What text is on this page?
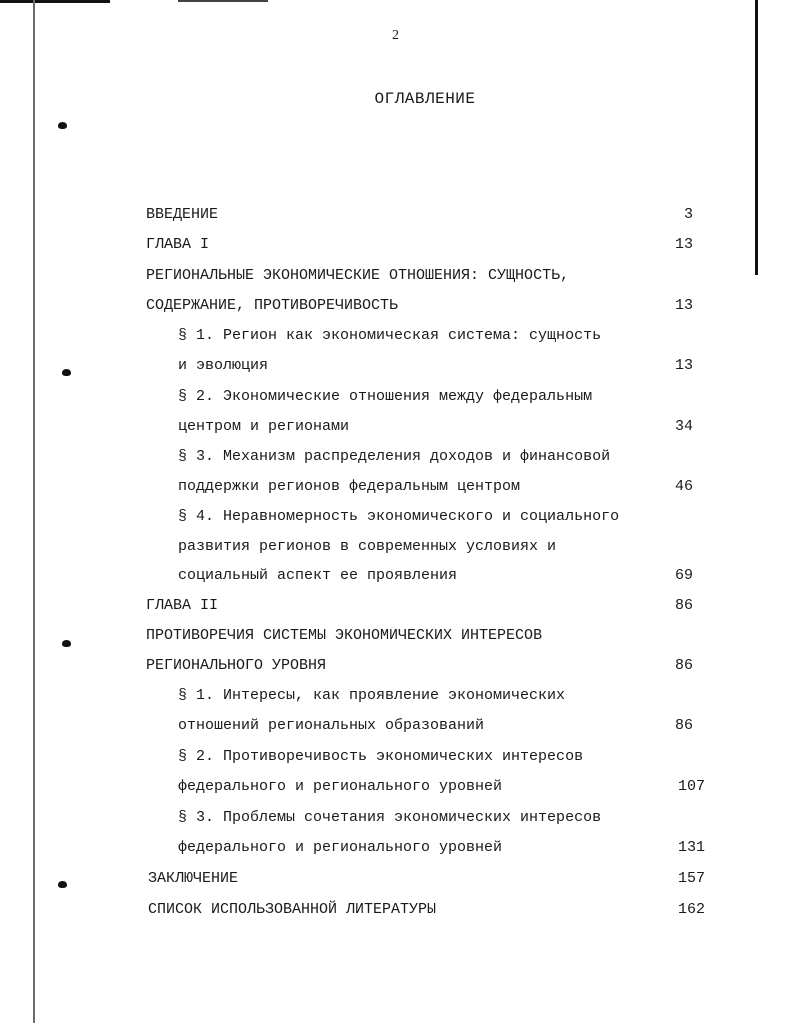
2
ОГЛАВЛЕНИЕ
ВВЕДЕНИЕ	3
ГЛАВА I	13
РЕГИОНАЛЬНЫЕ ЭКОНОМИЧЕСКИЕ ОТНОШЕНИЯ: СУЩНОСТЬ,
СОДЕРЖАНИЕ, ПРОТИВОРЕЧИВОСТЬ	13
§ 1. Регион как экономическая система: сущность
и эволюция	13
§ 2. Экономические отношения между федеральным
центром и регионами	34
§ 3. Механизм распределения доходов и финансовой
поддержки регионов федеральным центром	46
§ 4. Неравномерность экономического и социального
развития регионов в современных условиях и
социальный аспект ее проявления	69
ГЛАВА II	86
ПРОТИВОРЕЧИЯ СИСТЕМЫ ЭКОНОМИЧЕСКИХ ИНТЕРЕСОВ
РЕГИОНАЛЬНОГО УРОВНЯ	86
§ 1. Интересы, как проявление экономических
отношений региональных образований	86
§ 2. Противоречивость экономических интересов
федерального и регионального уровней	107
§ 3. Проблемы сочетания экономических интересов
федерального и регионального уровней	131
ЗАКЛЮЧЕНИЕ	157
СПИСОК ИСПОЛЬЗОВАННОЙ ЛИТЕРАТУРЫ	162
